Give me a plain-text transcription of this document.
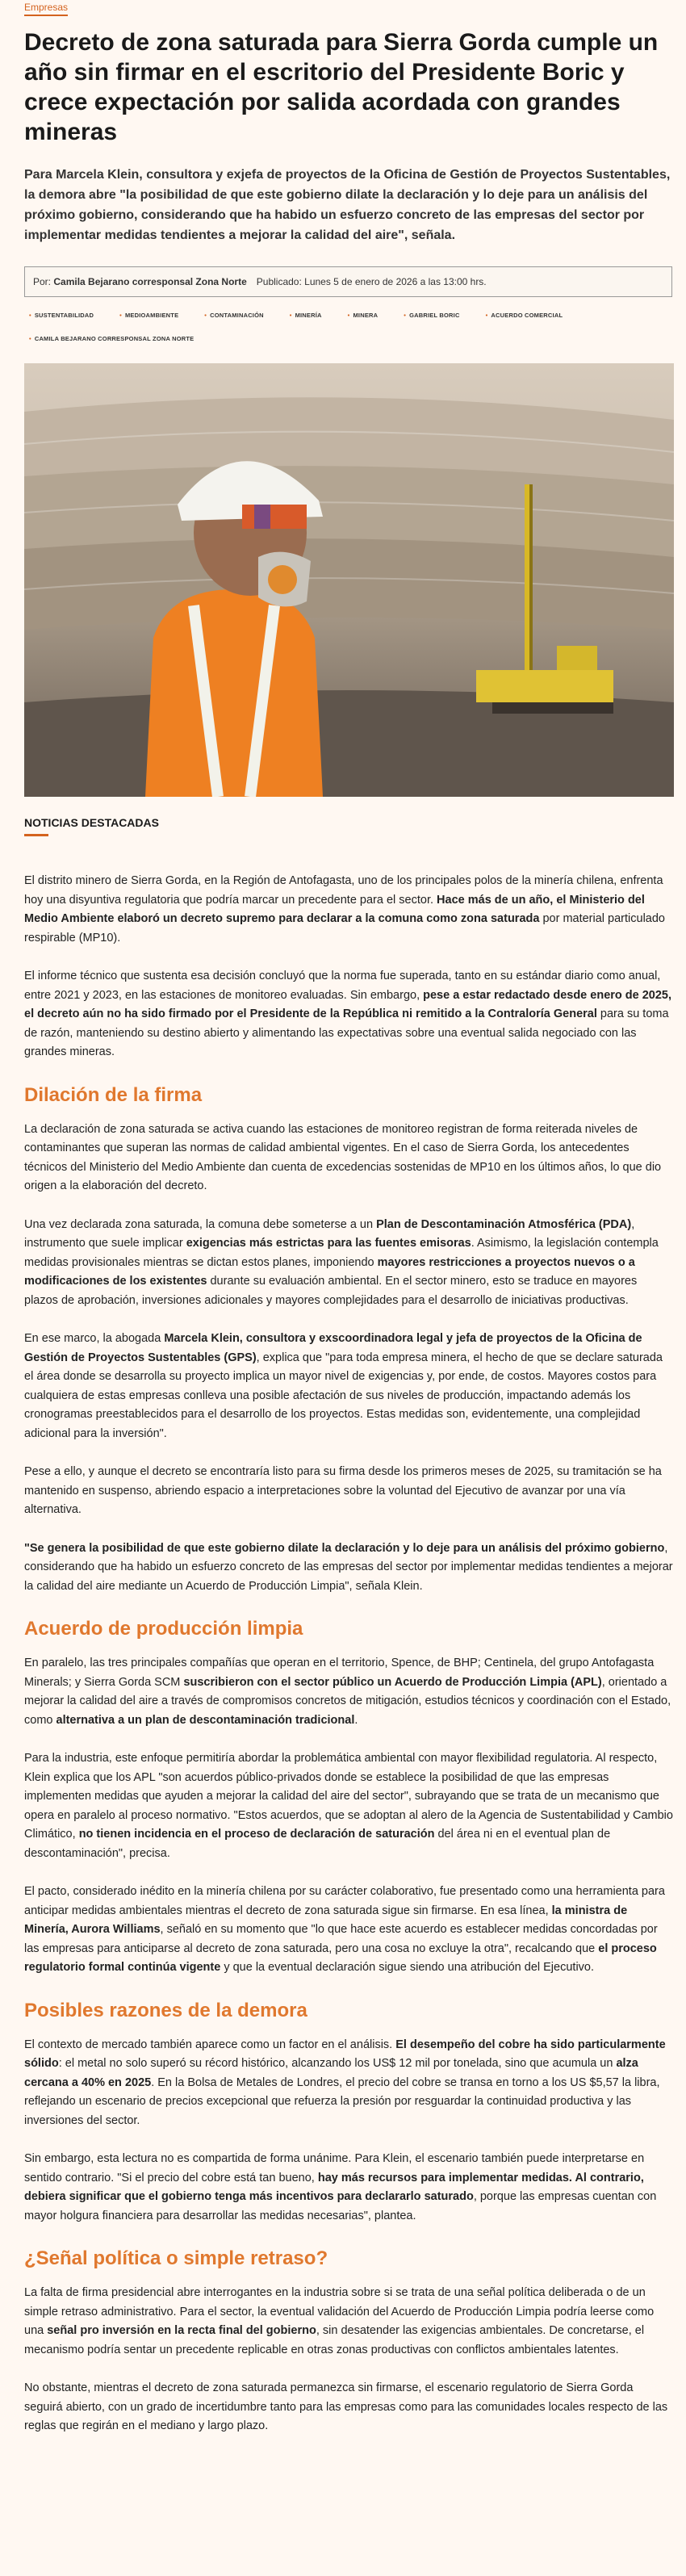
Empresas
Decreto de zona saturada para Sierra Gorda cumple un año sin firmar en el escritorio del Presidente Boric y crece expectación por salida acordada con grandes mineras

Para Marcela Klein, consultora y exjefa de proyectos de la Oficina de Gestión de Proyectos Sustentables, la demora abre "la posibilidad de que este gobierno dilate la declaración y lo deje para un análisis del próximo gobierno, considerando que ha habido un esfuerzo concreto de las empresas del sector por implementar medidas tendientes a mejorar la calidad del aire", señala.

Por: Camila Bejarano corresponsal Zona Norte Publicado: Lunes 5 de enero de 2026 a las 13:00 hrs.
• SUSTENTABILIDAD	• MEDIOAMBIENTE	• CONTAMINACIÓN	• MINERÍA	• MINERA	• GABRIEL BORIC	• ACUERDO COMERCIAL
• CAMILA BEJARANO CORRESPONSAL ZONA NORTE
NOTICIAS DESTACADAS

El distrito minero de Sierra Gorda, en la Región de Antofagasta, uno de los principales polos de la minería chilena, enfrenta hoy una disyuntiva regulatoria que podría marcar un precedente para el sector. Hace más de un año, el Ministerio del Medio Ambiente elaboró un decreto supremo para declarar a la comuna como zona saturada por material particulado respirable (MP10).

El informe técnico que sustenta esa decisión concluyó que la norma fue superada, tanto en su estándar diario como anual, entre 2021 y 2023, en las estaciones de monitoreo evaluadas. Sin embargo, pese a estar redactado desde enero de 2025, el decreto aún no ha sido firmado por el Presidente de la República ni remitido a la Contraloría General para su toma de razón, manteniendo su destino abierto y alimentando las expectativas sobre una eventual salida negociado con las grandes mineras.

Dilación de la firma

La declaración de zona saturada se activa cuando las estaciones de monitoreo registran de forma reiterada niveles de contaminantes que superan las normas de calidad ambiental vigentes. En el caso de Sierra Gorda, los antecedentes técnicos del Ministerio del Medio Ambiente dan cuenta de excedencias sostenidas de MP10 en los últimos años, lo que dio origen a la elaboración del decreto.

Una vez declarada zona saturada, la comuna debe someterse a un Plan de Descontaminación Atmosférica (PDA), instrumento que suele implicar exigencias más estrictas para las fuentes emisoras. Asimismo, la legislación contempla medidas provisionales mientras se dictan estos planes, imponiendo mayores restricciones a proyectos nuevos o a modificaciones de los existentes durante su evaluación ambiental. En el sector minero, esto se traduce en mayores plazos de aprobación, inversiones adicionales y mayores complejidades para el desarrollo de iniciativas productivas.

En ese marco, la abogada Marcela Klein, consultora y exscoordinadora legal y jefa de proyectos de la Oficina de Gestión de Proyectos Sustentables (GPS), explica que "para toda empresa minera, el hecho de que se declare saturada el área donde se desarrolla su proyecto implica un mayor nivel de exigencias y, por ende, de costos. Mayores costos para cualquiera de estas empresas conlleva una posible afectación de sus niveles de producción, impactando además los cronogramas preestablecidos para el desarrollo de los proyectos. Estas medidas son, evidentemente, una complejidad adicional para la inversión".

Pese a ello, y aunque el decreto se encontraría listo para su firma desde los primeros meses de 2025, su tramitación se ha mantenido en suspenso, abriendo espacio a interpretaciones sobre la voluntad del Ejecutivo de avanzar por una vía alternativa.

"Se genera la posibilidad de que este gobierno dilate la declaración y lo deje para un análisis del próximo gobierno, considerando que ha habido un esfuerzo concreto de las empresas del sector por implementar medidas tendientes a mejorar la calidad del aire mediante un Acuerdo de Producción Limpia", señala Klein.

Acuerdo de producción limpia

En paralelo, las tres principales compañías que operan en el territorio, Spence, de BHP; Centinela, del grupo Antofagasta Minerals; y Sierra Gorda SCM suscribieron con el sector público un Acuerdo de Producción Limpia (APL), orientado a mejorar la calidad del aire a través de compromisos concretos de mitigación, estudios técnicos y coordinación con el Estado, como alternativa a un plan de descontaminación tradicional.

Para la industria, este enfoque permitiría abordar la problemática ambiental con mayor flexibilidad regulatoria. Al respecto, Klein explica que los APL "son acuerdos público-privados donde se establece la posibilidad de que las empresas implementen medidas que ayuden a mejorar la calidad del aire del sector", subrayando que se trata de un mecanismo que opera en paralelo al proceso normativo. "Estos acuerdos, que se adoptan al alero de la Agencia de Sustentabilidad y Cambio Climático, no tienen incidencia en el proceso de declaración de saturación del área ni en el eventual plan de descontaminación", precisa.

El pacto, considerado inédito en la minería chilena por su carácter colaborativo, fue presentado como una herramienta para anticipar medidas ambientales mientras el decreto de zona saturada sigue sin firmarse. En esa línea, la ministra de Minería, Aurora Williams, señaló en su momento que "lo que hace este acuerdo es establecer medidas concordadas por las empresas para anticiparse al decreto de zona saturada, pero una cosa no excluye la otra", recalcando que el proceso regulatorio formal continúa vigente y que la eventual declaración sigue siendo una atribución del Ejecutivo.

Posibles razones de la demora

El contexto de mercado también aparece como un factor en el análisis. El desempeño del cobre ha sido particularmente sólido: el metal no solo superó su récord histórico, alcanzando los US$ 12 mil por tonelada, sino que acumula un alza cercana a 40% en 2025. En la Bolsa de Metales de Londres, el precio del cobre se transa en torno a los US $5,57 la libra, reflejando un escenario de precios excepcional que refuerza la presión por resguardar la continuidad productiva y las inversiones del sector.

Sin embargo, esta lectura no es compartida de forma unánime. Para Klein, el escenario también puede interpretarse en sentido contrario. "Si el precio del cobre está tan bueno, hay más recursos para implementar medidas. Al contrario, debiera significar que el gobierno tenga más incentivos para declararlo saturado, porque las empresas cuentan con mayor holgura financiera para desarrollar las medidas necesarias", plantea.

¿Señal política o simple retraso?

La falta de firma presidencial abre interrogantes en la industria sobre si se trata de una señal política deliberada o de un simple retraso administrativo. Para el sector, la eventual validación del Acuerdo de Producción Limpia podría leerse como una señal pro inversión en la recta final del gobierno, sin desatender las exigencias ambientales. De concretarse, el mecanismo podría sentar un precedente replicable en otras zonas productivas con conflictos ambientales latentes.

No obstante, mientras el decreto de zona saturada permanezca sin firmarse, el escenario regulatorio de Sierra Gorda seguirá abierto, con un grado de incertidumbre tanto para las empresas como para las comunidades locales respecto de las reglas que regirán en el mediano y largo plazo.
